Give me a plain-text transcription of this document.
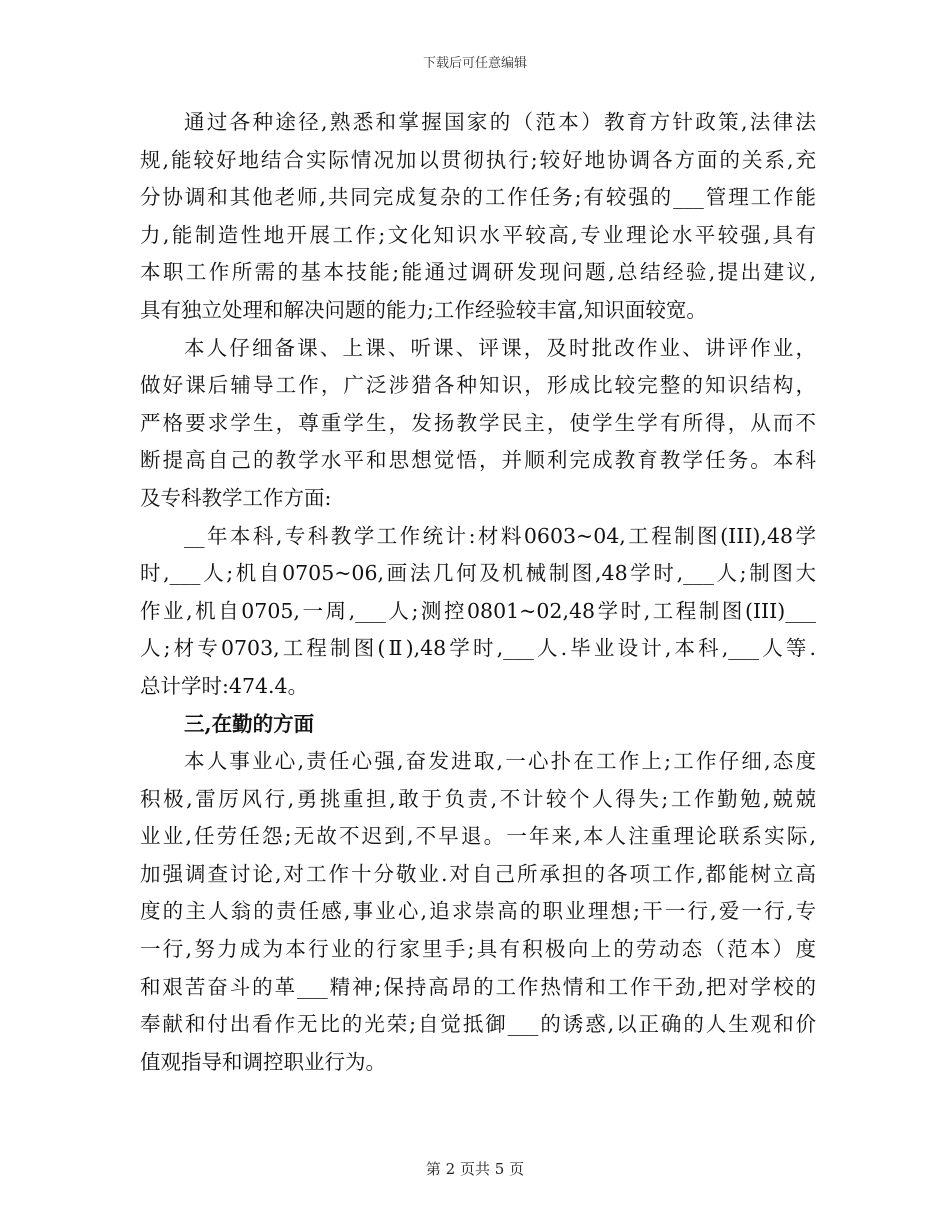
下载后可任意编辑
通过各种途径,熟悉和掌握国家的（范本）教育方针政策,法律法
规,能较好地结合实际情况加以贯彻执行;较好地协调各方面的关系,充
分协调和其他老师,共同完成复杂的工作任务;有较强的___管理工作能
力,能制造性地开展工作;文化知识水平较高,专业理论水平较强,具有
本职工作所需的基本技能;能通过调研发现问题,总结经验,提出建议,
具有独立处理和解决问题的能力;工作经验较丰富,知识面较宽。
本人仔细备课、上课、听课、评课，及时批改作业、讲评作业，
做好课后辅导工作，广泛涉猎各种知识，形成比较完整的知识结构，
严格要求学生，尊重学生，发扬教学民主，使学生学有所得，从而不
断提高自己的教学水平和思想觉悟，并顺利完成教育教学任务。本科
及专科教学工作方面:
__年本科,专科教学工作统计:材料0603~04,工程制图(III),48学
时,___人;机自0705~06,画法几何及机械制图,48学时,___人;制图大
作业,机自0705,一周,___人;测控0801~02,48学时,工程制图(III)___
人;材专0703,工程制图(Ⅱ),48学时,___人.毕业设计,本科,___人等.
总计学时:474.4。
三,在勤的方面
本人事业心,责任心强,奋发进取,一心扑在工作上;工作仔细,态度
积极,雷厉风行,勇挑重担,敢于负责,不计较个人得失;工作勤勉,兢兢
业业,任劳任怨;无故不迟到,不早退。一年来,本人注重理论联系实际,
加强调查讨论,对工作十分敬业.对自己所承担的各项工作,都能树立高
度的主人翁的责任感,事业心,追求崇高的职业理想;干一行,爱一行,专
一行,努力成为本行业的行家里手;具有积极向上的劳动态（范本）度
和艰苦奋斗的革___精神;保持高昂的工作热情和工作干劲,把对学校的
奉献和付出看作无比的光荣;自觉抵御___的诱惑,以正确的人生观和价
值观指导和调控职业行为。
第 2 页共 5 页
